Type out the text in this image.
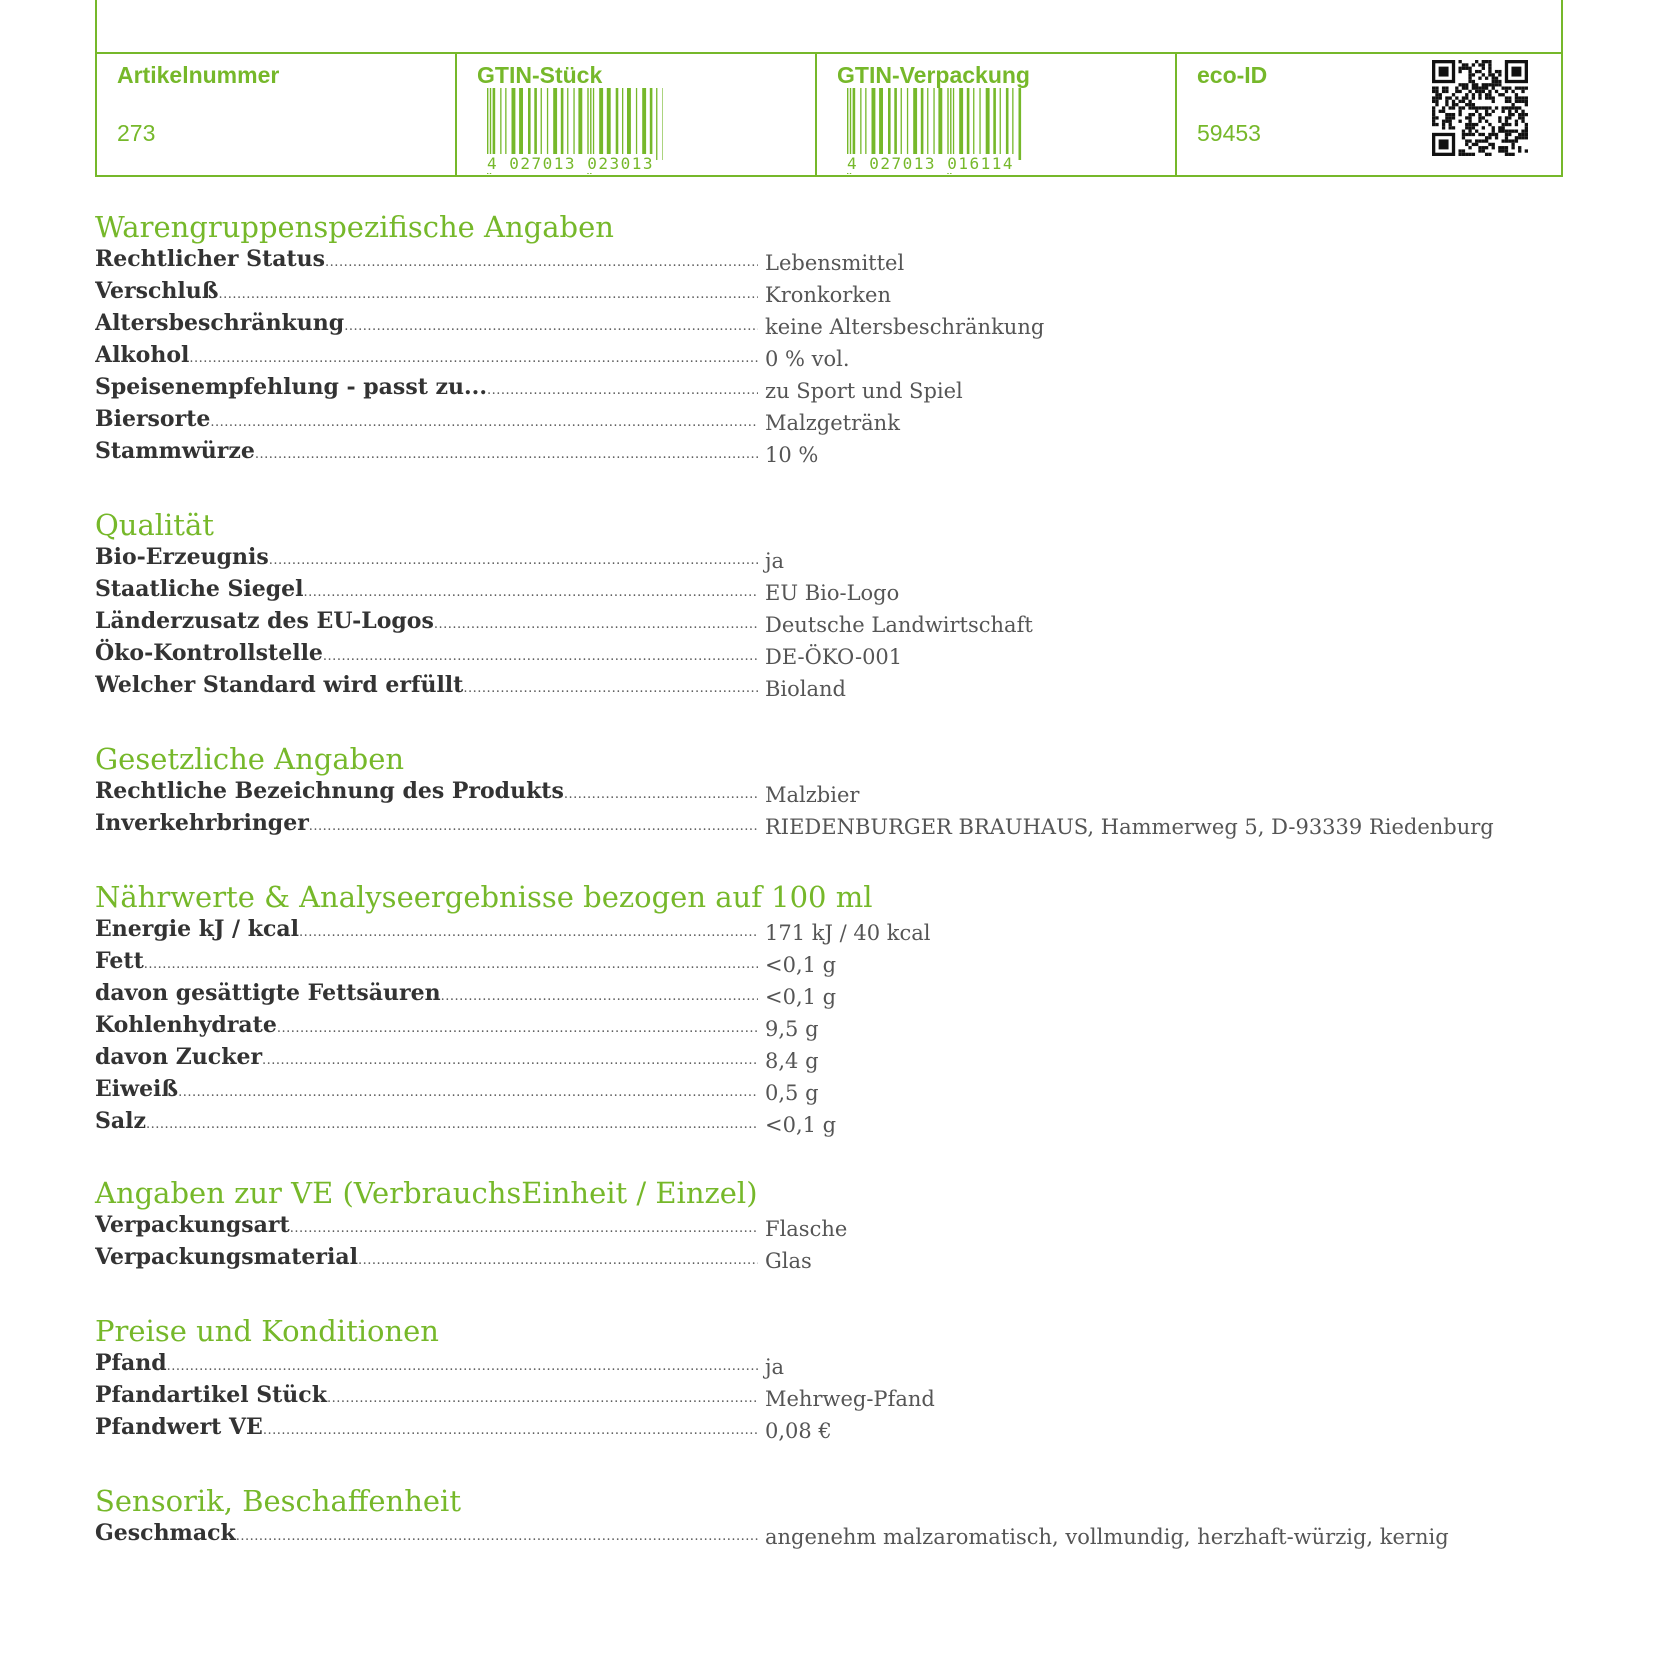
Artikelnummer
273
GTIN-Stück
4 027013 023013
GTIN-Verpackung
4 027013 016114
eco-ID
59453
Warengruppenspezifische Angaben
Rechtlicher Status .....	Lebensmittel
Verschluß .....	Kronkorken
Altersbeschränkung .....	keine Altersbeschränkung
Alkohol .....	0 % vol.
Speisenempfehlung - passt zu... .....	zu Sport und Spiel
Biersorte .....	Malzgetränk
Stammwürze .....	10 %
Qualität
Bio-Erzeugnis .....	ja
Staatliche Siegel .....	EU Bio-Logo
Länderzusatz des EU-Logos .....	Deutsche Landwirtschaft
Öko-Kontrollstelle .....	DE-ÖKO-001
Welcher Standard wird erfüllt .....	Bioland
Gesetzliche Angaben
Rechtliche Bezeichnung des Produkts .....	Malzbier
Inverkehrbringer .....	RIEDENBURGER BRAUHAUS, Hammerweg 5, D-93339 Riedenburg
Nährwerte & Analyseergebnisse bezogen auf 100 ml
Energie kJ / kcal .....	171 kJ / 40 kcal
Fett .....	<0,1 g
davon gesättigte Fettsäuren .....	<0,1 g
Kohlenhydrate .....	9,5 g
davon Zucker .....	8,4 g
Eiweiß .....	0,5 g
Salz .....	<0,1 g
Angaben zur VE (VerbrauchsEinheit / Einzel)
Verpackungsart .....	Flasche
Verpackungsmaterial .....	Glas
Preise und Konditionen
Pfand .....	ja
Pfandartikel Stück .....	Mehrweg-Pfand
Pfandwert VE .....	0,08 €
Sensorik, Beschaffenheit
Geschmack .....	angenehm malzaromatisch, vollmundig, herzhaft-würzig, kernig
